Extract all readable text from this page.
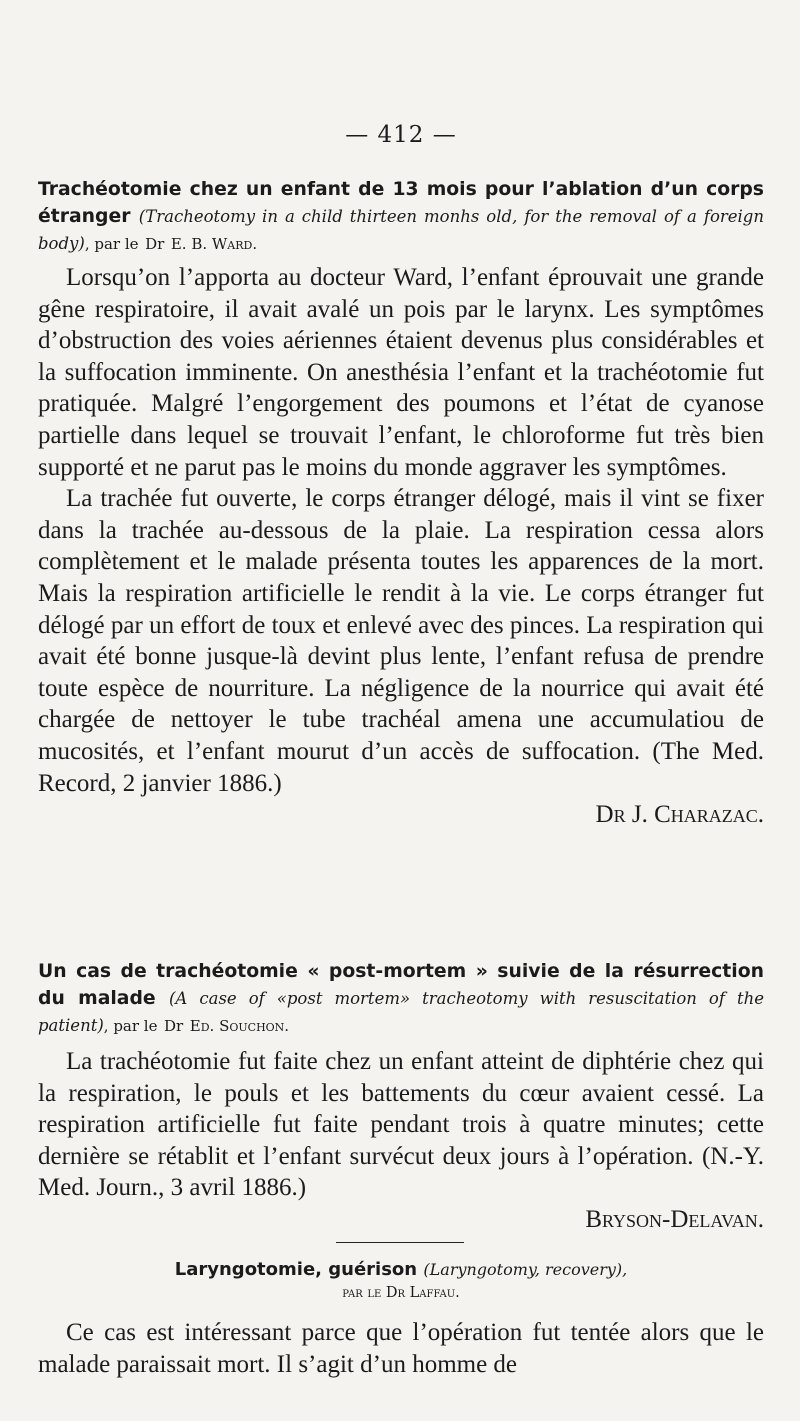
— 412 —
Trachéotomie chez un enfant de 13 mois pour l’ablation d’un corps étranger (Tracheotomy in a child thirteen monhs old, for the removal of a foreign body), par le Dr E. B. Ward.

Lorsqu’on l’apporta au docteur Ward, l’enfant éprouvait une grande gêne respiratoire, il avait avalé un pois par le larynx. Les symptômes d’obstruction des voies aériennes étaient devenus plus considérables et la suffocation imminente. On anesthésia l’enfant et la trachéotomie fut pratiquée. Malgré l’engorgement des poumons et l’état de cyanose partielle dans lequel se trouvait l’enfant, le chloroforme fut très bien supporté et ne parut pas le moins du monde aggraver les symptômes.

La trachée fut ouverte, le corps étranger délogé, mais il vint se fixer dans la trachée au-dessous de la plaie. La respiration cessa alors complètement et le malade présenta toutes les apparences de la mort. Mais la respiration artificielle le rendit à la vie. Le corps étranger fut délogé par un effort de toux et enlevé avec des pinces. La respiration qui avait été bonne jusque-là devint plus lente, l’enfant refusa de prendre toute espèce de nourriture. La négligence de la nourrice qui avait été chargée de nettoyer le tube trachéal amena une accumulatiou de mucosités, et l’enfant mourut d’un accès de suffocation. (The Med. Record, 2 janvier 1886.)

Dr J. Charazac.
Un cas de trachéotomie « post-mortem » suivie de la résurrection du malade (A case of «post mortem» tracheotomy with resuscitation of the patient), par le Dr Ed. Souchon.

La trachéotomie fut faite chez un enfant atteint de diphtérie chez qui la respiration, le pouls et les battements du cœur avaient cessé. La respiration artificielle fut faite pendant trois à quatre minutes; cette dernière se rétablit et l’enfant survécut deux jours à l’opération. (N.-Y. Med. Journ., 3 avril 1886.)

Bryson-Delavan.
Laryngotomie, guérison (Laryngotomy, recovery),
par le Dr Laffau.

Ce cas est intéressant parce que l’opération fut tentée alors que le malade paraissait mort. Il s’agit d’un homme de
